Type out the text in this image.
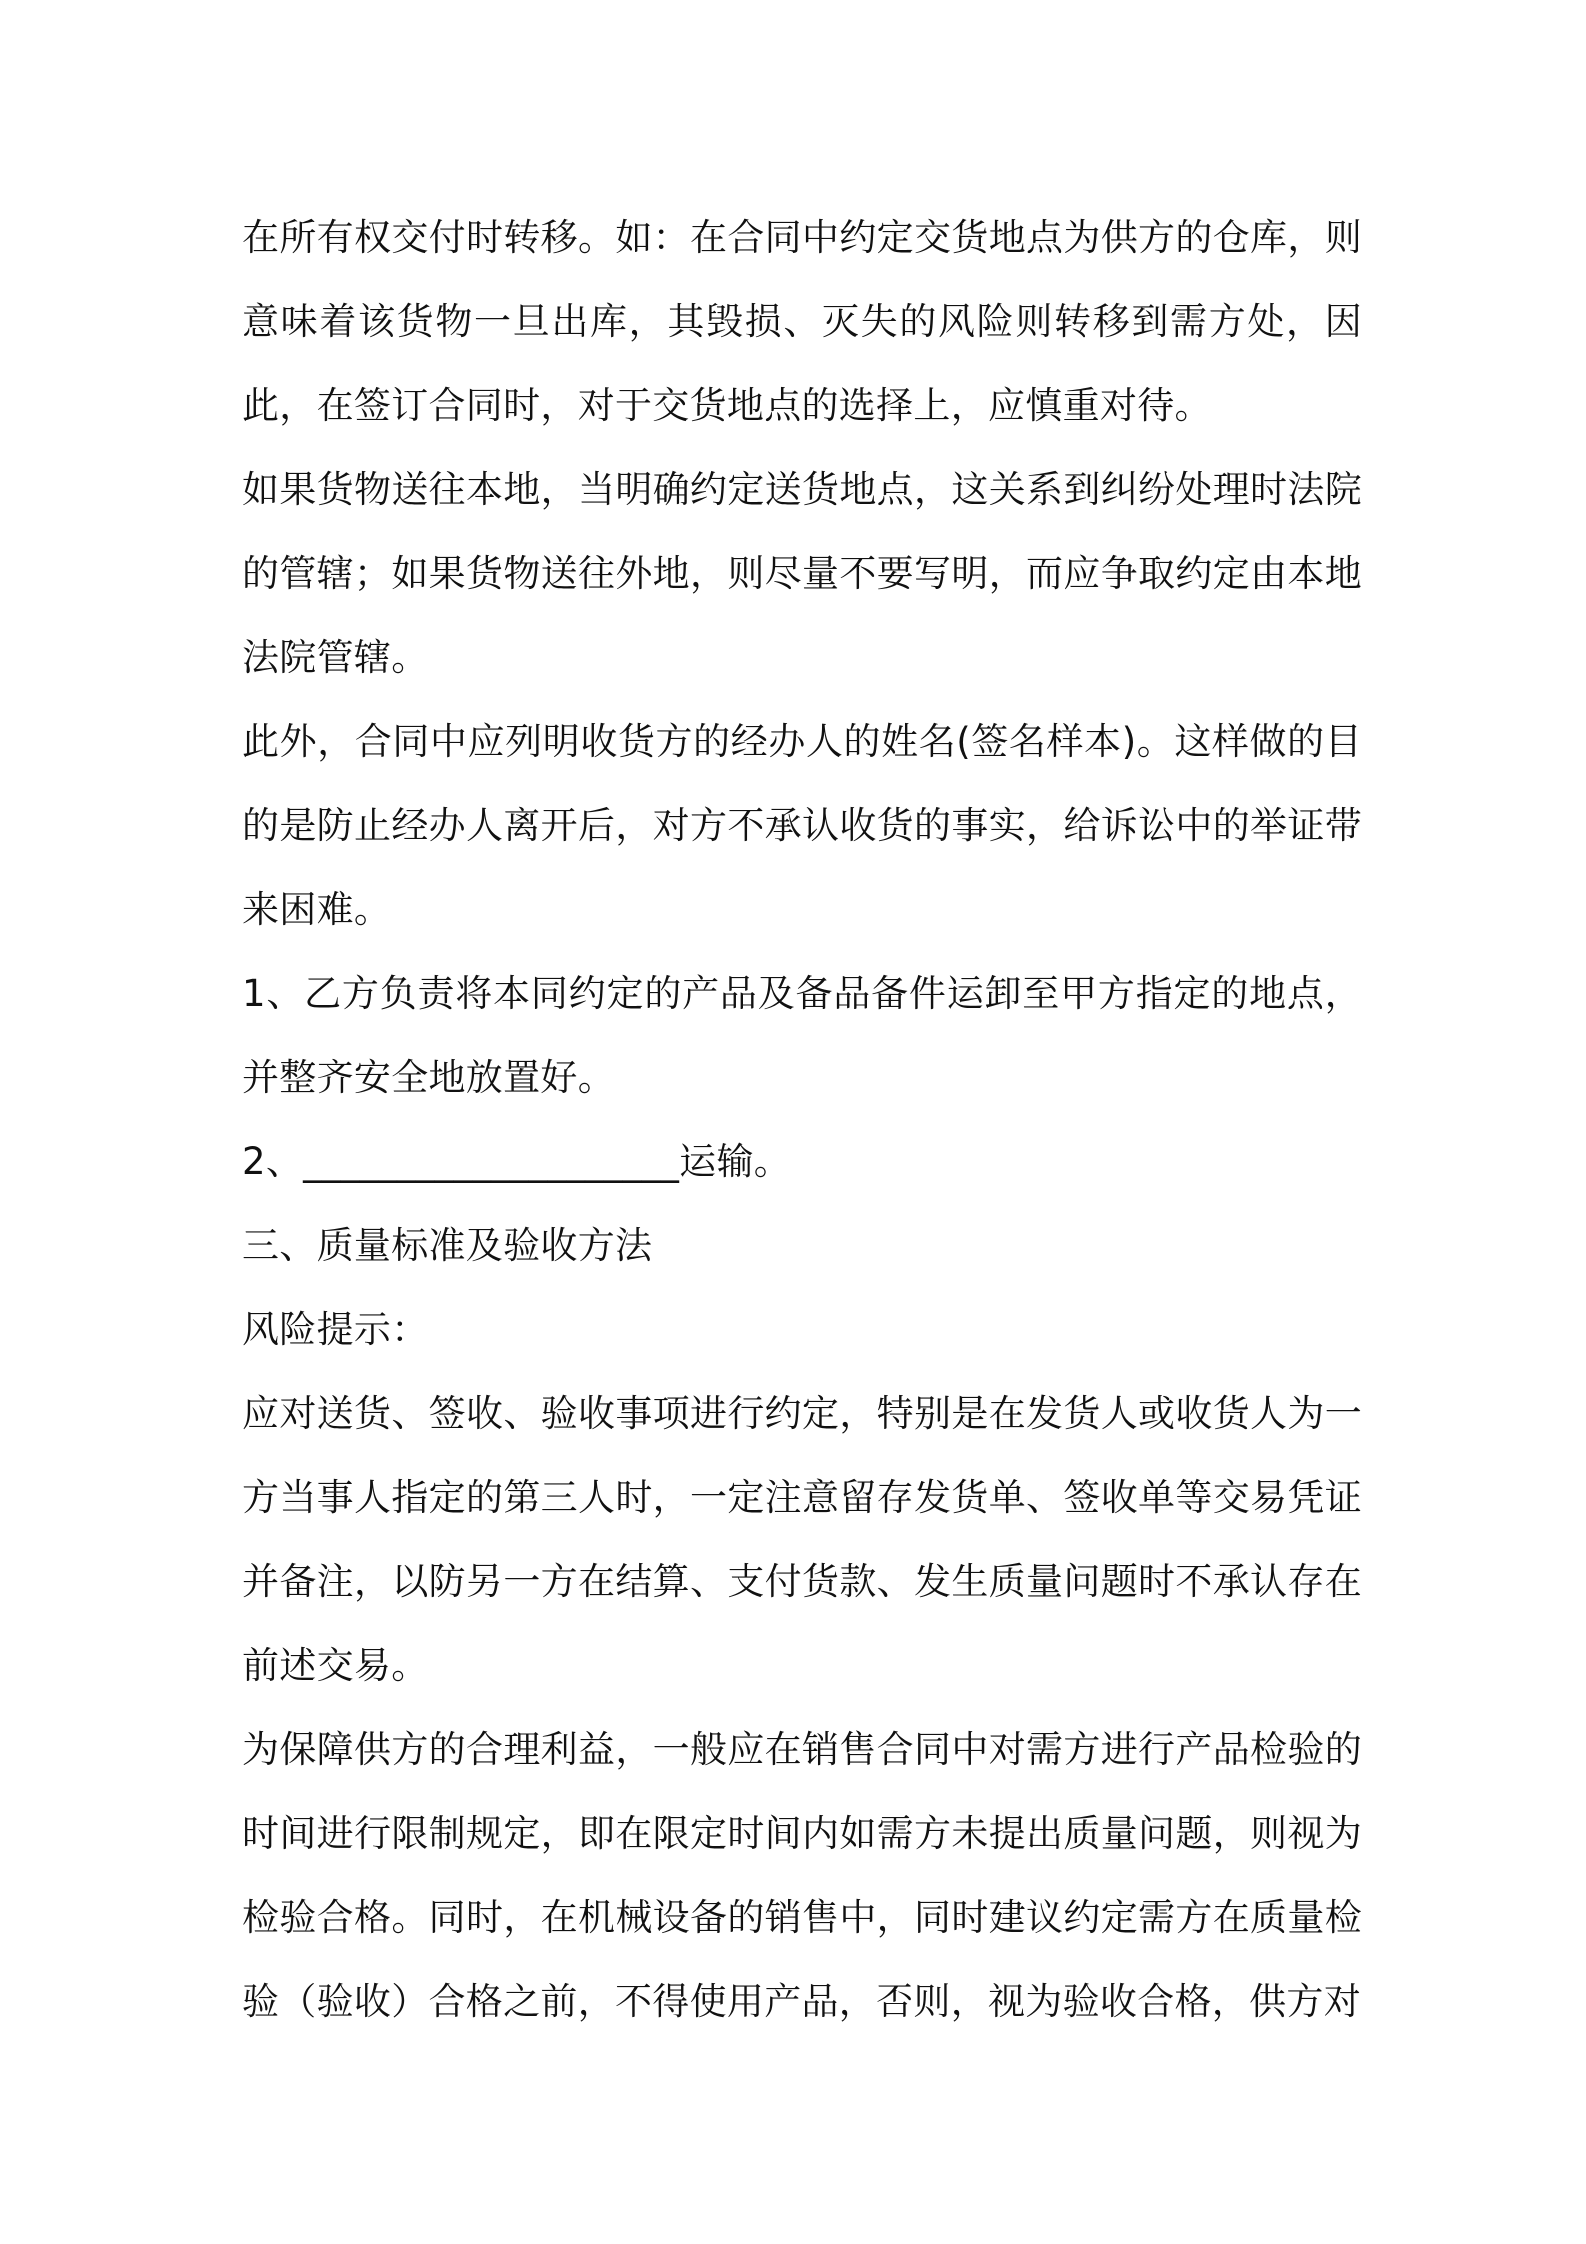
在所有权交付时转移。如：在合同中约定交货地点为供方的仓库，则意味着该货物一旦出库，其毁损、灭失的风险则转移到需方处，因此，在签订合同时，对于交货地点的选择上，应慎重对待。

如果货物送往本地，当明确约定送货地点，这关系到纠纷处理时法院的管辖；如果货物送往外地，则尽量不要写明，而应争取约定由本地法院管辖。

此外，合同中应列明收货方的经办人的姓名(签名样本)。这样做的目的是防止经办人离开后，对方不承认收货的事实，给诉讼中的举证带来困难。

1、乙方负责将本同约定的产品及备品备件运卸至甲方指定的地点，并整齐安全地放置好。

2、____________________运输。

三、质量标准及验收方法

风险提示：

应对送货、签收、验收事项进行约定，特别是在发货人或收货人为一方当事人指定的第三人时，一定注意留存发货单、签收单等交易凭证并备注，以防另一方在结算、支付货款、发生质量问题时不承认存在前述交易。

为保障供方的合理利益，一般应在销售合同中对需方进行产品检验的时间进行限制规定，即在限定时间内如需方未提出质量问题，则视为检验合格。同时，在机械设备的销售中，同时建议约定需方在质量检验（验收）合格之前，不得使用产品，否则，视为验收合格，供方对
